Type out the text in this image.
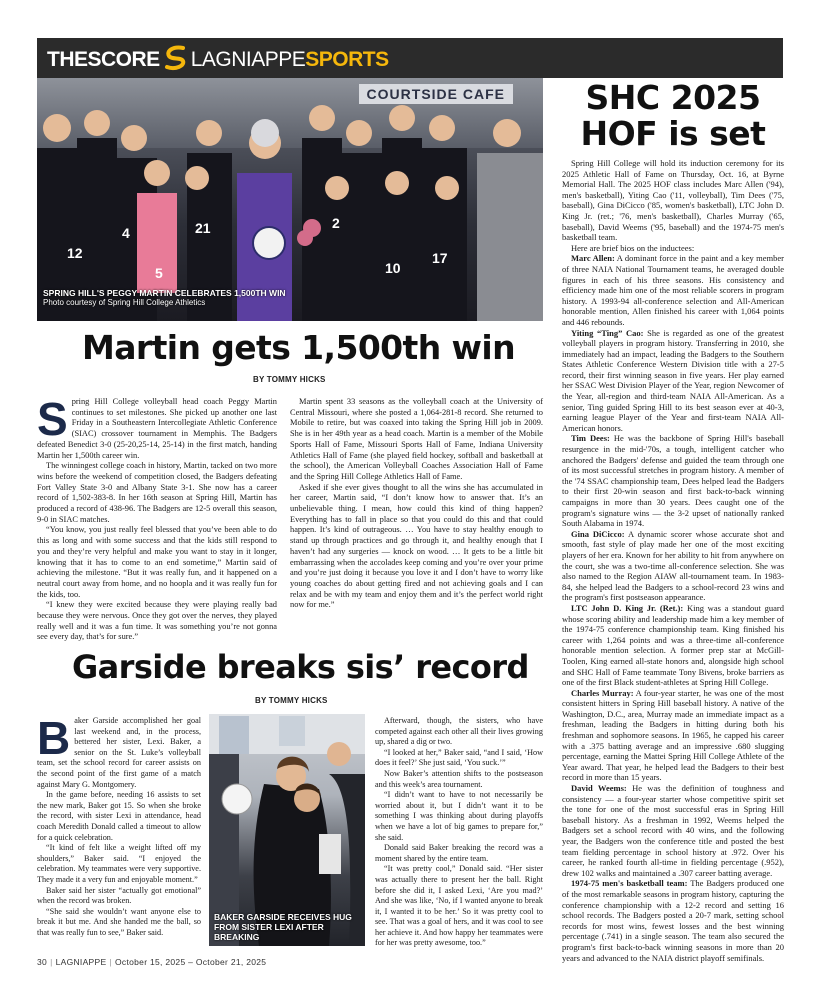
THESCORE LAGNIAPPE SPORTS
COURTSIDE CAFE
12
4
5
21	2
10
17
SPRING HILL'S PEGGY MARTIN CELEBRATES 1,500TH WIN
Photo courtesy of Spring Hill College Athletics
SHC 2025
HOF is set

Spring Hill College will hold its induction ceremony for its 2025 Athletic Hall of Fame on Thursday, Oct. 16, at Byrne Memorial Hall. The 2025 HOF class includes Marc Allen ('94), men's basketball), Yiting Cao ('11, volleyball), Tim Dees ('75, baseball), Gina DiCicco ('85, women's basketball), LTC John D. King Jr. (ret.; '76, men's basketball), Charles Murray ('65, baseball), David Weems ('95, baseball) and the 1974-75 men's basketball team.

Here are brief bios on the inductees:

Marc Allen: A dominant force in the paint and a key member of three NAIA National Tournament teams, he averaged double figures in each of his three seasons. His consistency and efficiency made him one of the most reliable scorers in program history. A 1993-94 all-conference selection and All-American honorable mention, Allen finished his career with 1,064 points and 446 rebounds.

Yiting “Ting” Cao: She is regarded as one of the greatest volleyball players in program history. Transferring in 2010, she immediately had an impact, leading the Badgers to the Southern States Athletic Conference Western Division title with a 27-5 record, their first winning season in five years. Her play earned her SSAC West Division Player of the Year, region Newcomer of the Year, all-region and third-team NAIA All-American. As a senior, Ting guided Spring Hill to its best season ever at 40-3, earning league Player of the Year and first-team NAIA All-American honors.

Tim Dees: He was the backbone of Spring Hill's baseball resurgence in the mid-'70s, a tough, intelligent catcher who anchored the Badgers' defense and guided the team through one of its most successful stretches in program history. A member of the '74 SSAC championship team, Dees helped lead the Badgers to their first 20-win season and first back-to-back winning campaigns in more than 30 years. Dees caught one of the program's signature wins — the 3-2 upset of nationally ranked South Alabama in 1974.

Gina DiCicco: A dynamic scorer whose accurate shot and smooth, fast style of play made her one of the most exciting players of her era. Known for her ability to hit from anywhere on the court, she was a two-time all-conference selection. She was also named to the Region AIAW all-tournament team. In 1983-84, she helped lead the Badgers to a school-record 23 wins and the program's first postseason appearance.

LTC John D. King Jr. (Ret.): King was a standout guard whose scoring ability and leadership made him a key member of the 1974-75 conference championship team. King finished his career with 1,264 points and was a three-time all-conference honorable mention selection. A former prep star at McGill-Toolen, King earned all-state honors and, alongside high school and SHC Hall of Fame teammate Tony Bivens, broke barriers as one of the first Black student-athletes at Spring Hill College.

Charles Murray: A four-year starter, he was one of the most consistent hitters in Spring Hill baseball history. A native of the Washington, D.C., area, Murray made an immediate impact as a freshman, leading the Badgers in hitting during both his freshman and sophomore seasons. In 1965, he capped his career with a .375 batting average and an impressive .680 slugging percentage, earning the Mattei Spring Hill College Athlete of the Year award. That year, he helped lead the Badgers to their best record in more than 15 years.

David Weems: He was the definition of toughness and consistency — a four-year starter whose competitive spirit set the tone for one of the most successful eras in Spring Hill baseball history. As a freshman in 1992, Weems helped the Badgers set a school record with 40 wins, and the following year, the Badgers won the conference title and posted the best team fielding percentage in school history at .972. Over his career, he ranked fourth all-time in fielding percentage (.952), drew 102 walks and maintained a .307 career batting average.

1974-75 men's basketball team: The Badgers produced one of the most remarkable seasons in program history, capturing the conference championship with a 12-2 record and setting 16 school records. The Badgers posted a 20-7 mark, setting school records for most wins, fewest losses and the best winning percentage (.741) in a single season. The team also secured the program's first back-to-back winning seasons in more than 20 years and advanced to the NAIA district playoff semifinals.

Martin gets 1,500th win
BY TOMMY HICKS

Spring Hill College volleyball head coach Peggy Martin continues to set milestones. She picked up another one last Friday in a Southeastern Intercollegiate Athletic Conference (SIAC) crossover tournament in Memphis. The Badgers defeated Benedict 3-0 (25-20,25-14, 25-14) in the first match, handing Martin her 1,500th career win.

The winningest college coach in history, Martin, tacked on two more wins before the weekend of competition closed, the Badgers defeating Fort Valley State 3-0 and Albany State 3-1. She now has a career record of 1,502-383-8. In her 16th season at Spring Hill, Martin has produced a record of 438-96. The Badgers are 12-5 overall this season, 9-0 in SIAC matches.

“You know, you just really feel blessed that you’ve been able to do this as long and with some success and that the kids still respond to you and they’re very helpful and make you want to stay in it longer, knowing that it has to come to an end sometime,” Martin said of achieving the milestone. “But it was really fun, and it happened on a neutral court away from home, and no hoopla and it was really fun for the kids, too.

“I knew they were excited because they were playing really bad because they were nervous. Once they got over the nerves, they played really well and it was a fun time. It was something you’re not gonna see every day, that’s for sure.”

Martin spent 33 seasons as the volleyball coach at the University of Central Missouri, where she posted a 1,064-281-8 record. She returned to Mobile to retire, but was coaxed into taking the Spring Hill job in 2009. She is in her 49th year as a head coach. Martin is a member of the Mobile Sports Hall of Fame, Missouri Sports Hall of Fame, Indiana University Athletics Hall of Fame (she played field hockey, softball and basketball at the school), the American Volleyball Coaches Association Hall of Fame and the Spring Hill College Athletics Hall of Fame.

Asked if she ever gives thought to all the wins she has accumulated in her career, Martin said, “I don’t know how to answer that. It’s an unbelievable thing. I mean, how could this kind of thing happen? Everything has to fall in place so that you could do this and that could happen. It’s kind of outrageous. … You have to stay healthy enough to stand up through practices and go through it, and healthy enough that I haven’t had any surgeries — knock on wood. … It gets to be a little bit embarrassing when the accolades keep coming and you’re over your prime and you’re just doing it because you love it and I don’t have to worry like young coaches do about getting fired and not achieving goals and I can relax and be with my team and enjoy them and it’s the perfect world right now for me.”

Garside breaks sis’ record
BY TOMMY HICKS

Baker Garside accomplished her goal last weekend and, in the process, bettered her sister, Lexi. Baker, a senior on the St. Luke’s volleyball team, set the school record for career assists on the second point of the first game of a match against Mary G. Montgomery.

In the game before, needing 16 assists to set the new mark, Baker got 15. So when she broke the record, with sister Lexi in attendance, head coach Meredith Donald called a timeout to allow for a quick celebration.

“It kind of felt like a weight lifted off my shoulders,” Baker said. “I enjoyed the celebration. My teammates were very supportive. They made it a very fun and enjoyable moment.”

Baker said her sister “actually got emotional” when the record was broken.

“She said she wouldn’t want anyone else to break it but me. And she handed me the ball, so that was really fun to see,” Baker said.

BAKER GARSIDE RECEIVES HUG
FROM SISTER LEXI AFTER BREAKING

Afterward, though, the sisters, who have competed against each other all their lives growing up, shared a dig or two.

“I looked at her,” Baker said, “and I said, ‘How does it feel?’ She just said, ‘You suck.’”

Now Baker’s attention shifts to the postseason and this week’s area tournament.

“I didn’t want to have to not necessarily be worried about it, but I didn’t want it to be something I was thinking about during playoffs when we have a lot of big games to prepare for,” she said.

Donald said Baker breaking the record was a moment shared by the entire team.

“It was pretty cool,” Donald said. “Her sister was actually there to present her the ball. Right before she did it, I asked Lexi, ‘Are you mad?’ And she was like, ‘No, if I wanted anyone to break it, I wanted it to be her.’ So it was pretty cool to see. That was a goal of hers, and it was cool to see her achieve it. And how happy her teammates were for her was pretty awesome, too.”

30 | LAGNIAPPE | October 15, 2025 – October 21, 2025
